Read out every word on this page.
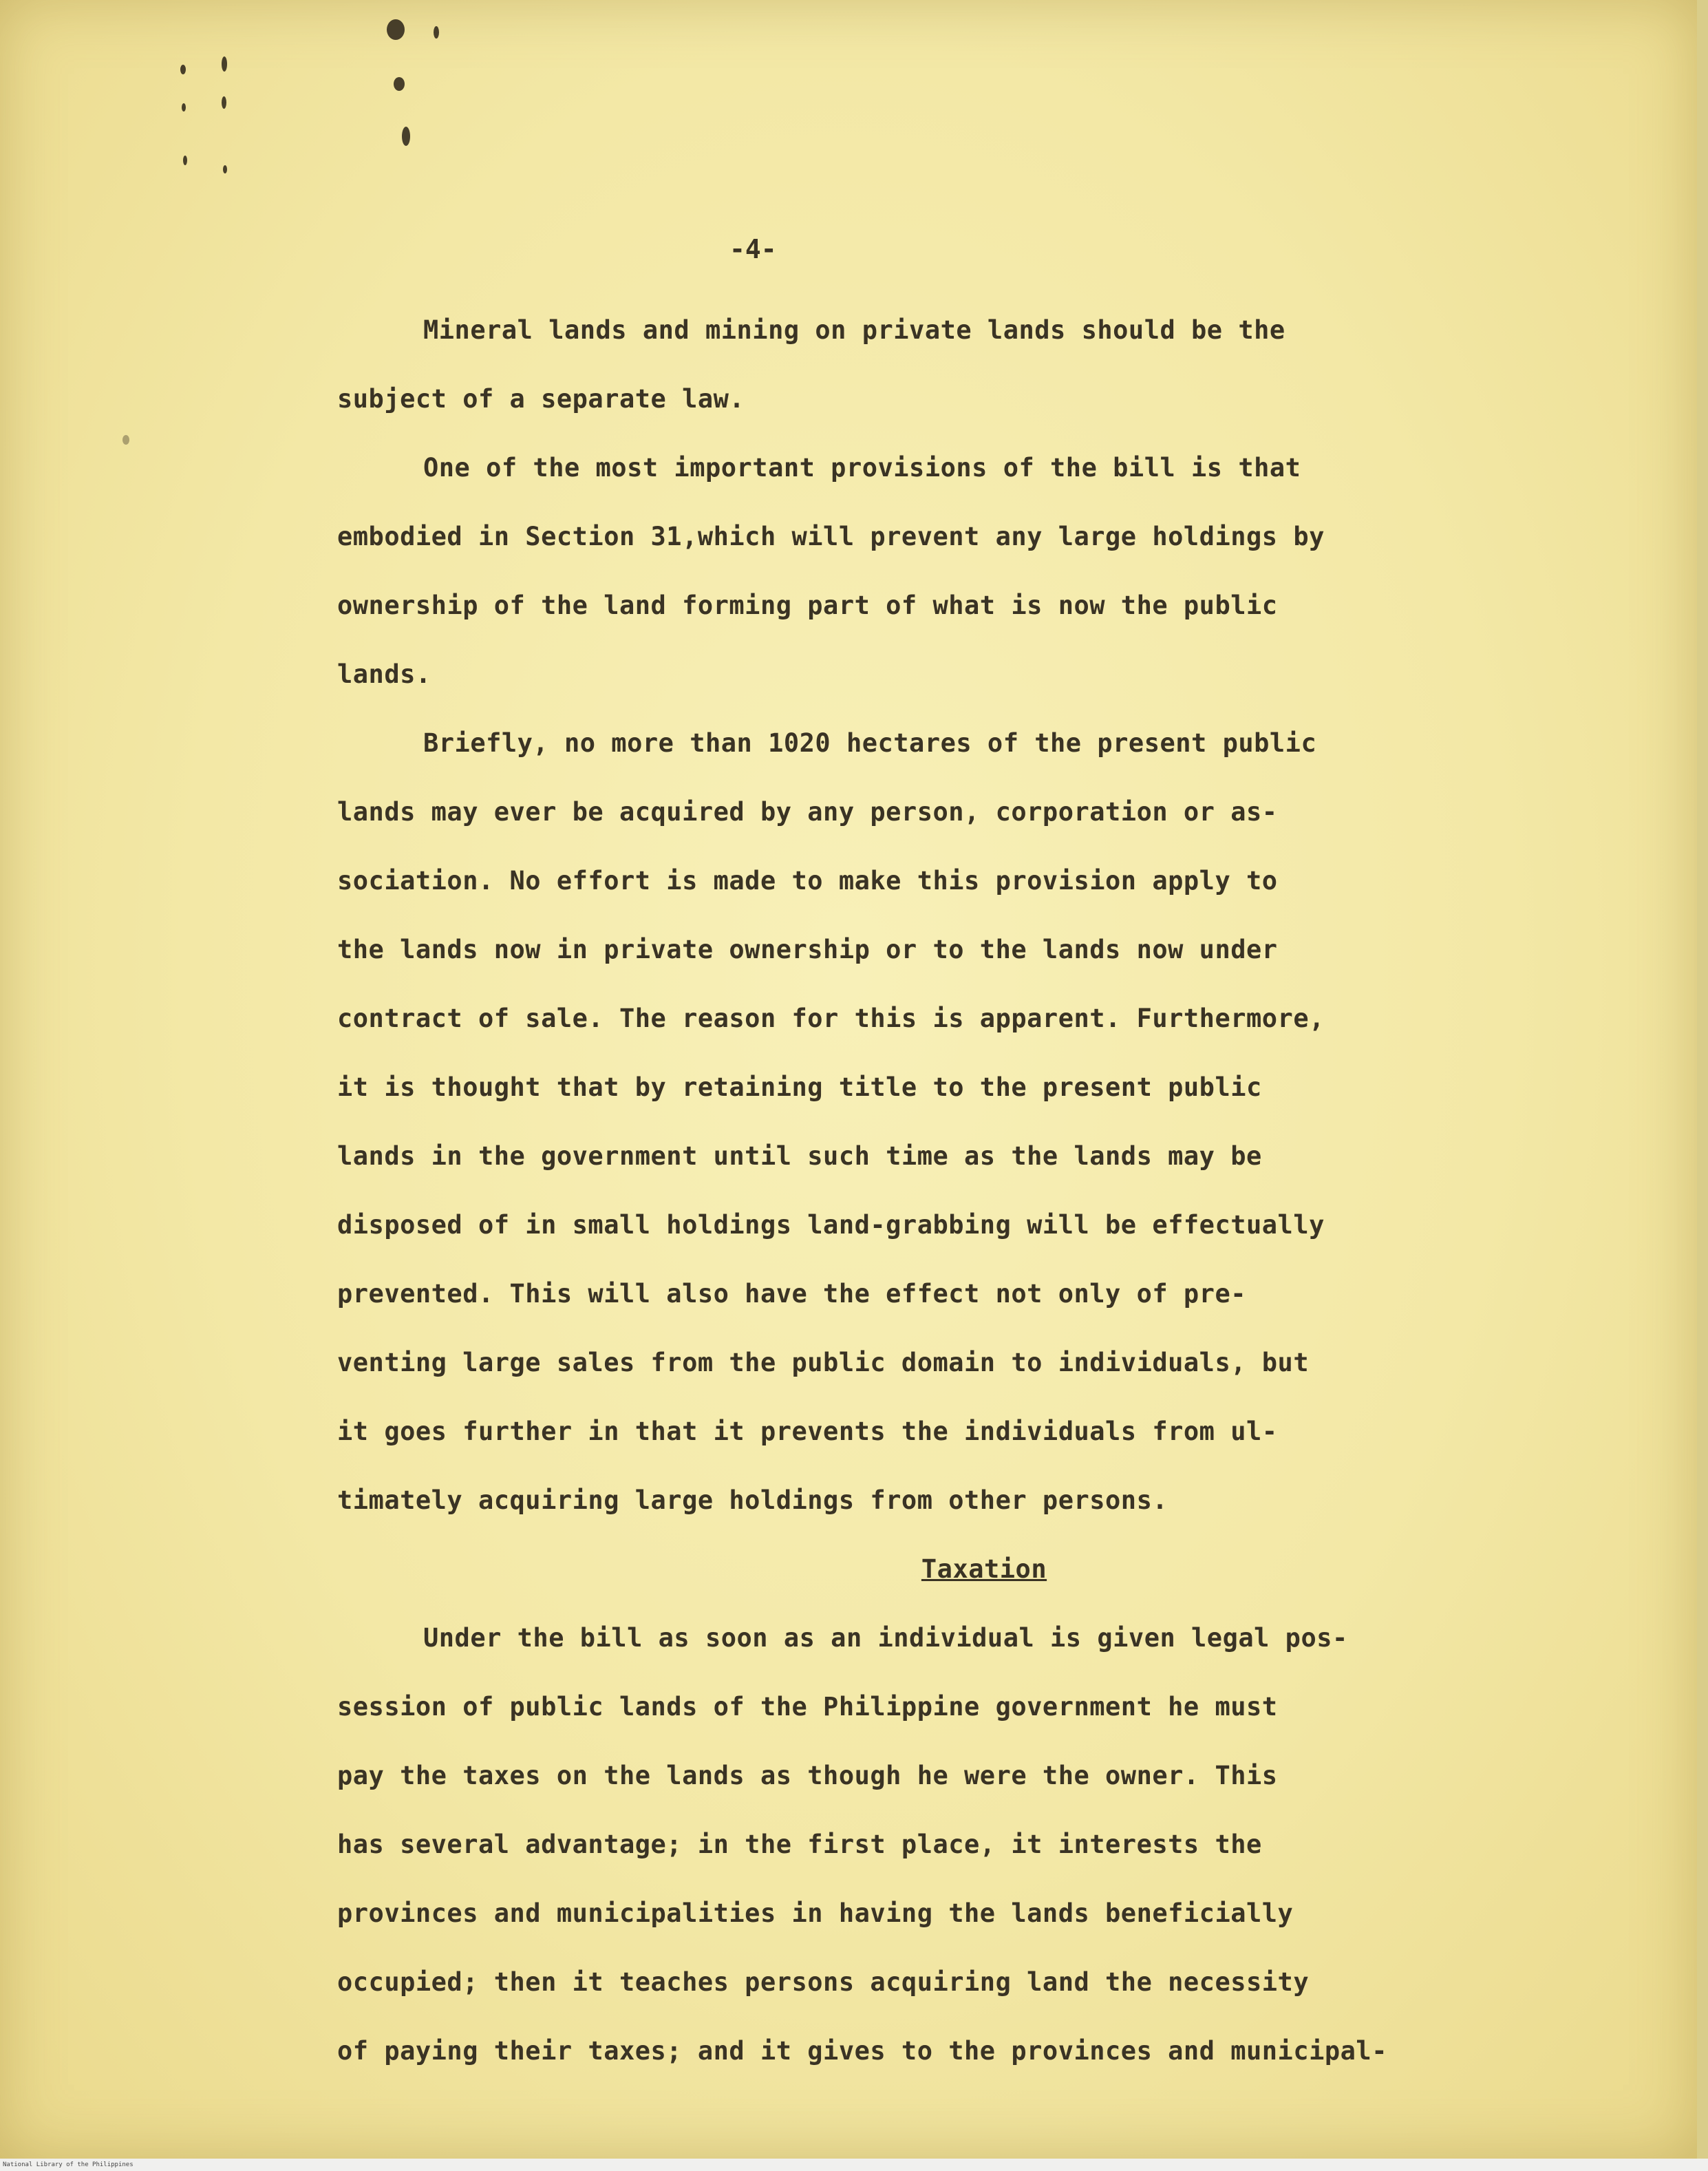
-4-
Mineral lands and mining on private lands should be the
subject of a separate law.
One of the most important provisions of the bill is that
embodied in Section 31,which will prevent any large holdings by
ownership of the land forming part of what is now the public
lands.
Briefly, no more than 1020 hectares of the present public
lands may ever be acquired by any person, corporation or as-
sociation. No effort is made to make this provision apply to
the lands now in private ownership or to the lands now under
contract of sale. The reason for this is apparent. Furthermore,
it is thought that by retaining title to the present public
lands in the government until such time as the lands may be
disposed of in small holdings land-grabbing will be effectually
prevented. This will also have the effect not only of pre-
venting large sales from the public domain to individuals, but
it goes further in that it prevents the individuals from ul-
timately acquiring large holdings from other persons.
Taxation
Under the bill as soon as an individual is given legal pos-
session of public lands of the Philippine government he must
pay the taxes on the lands as though he were the owner. This
has several advantage; in the first place, it interests the
provinces and municipalities in having the lands beneficially
occupied; then it teaches persons acquiring land the necessity
of paying their taxes; and it gives to the provinces and municipal-
National Library of the Philippines
